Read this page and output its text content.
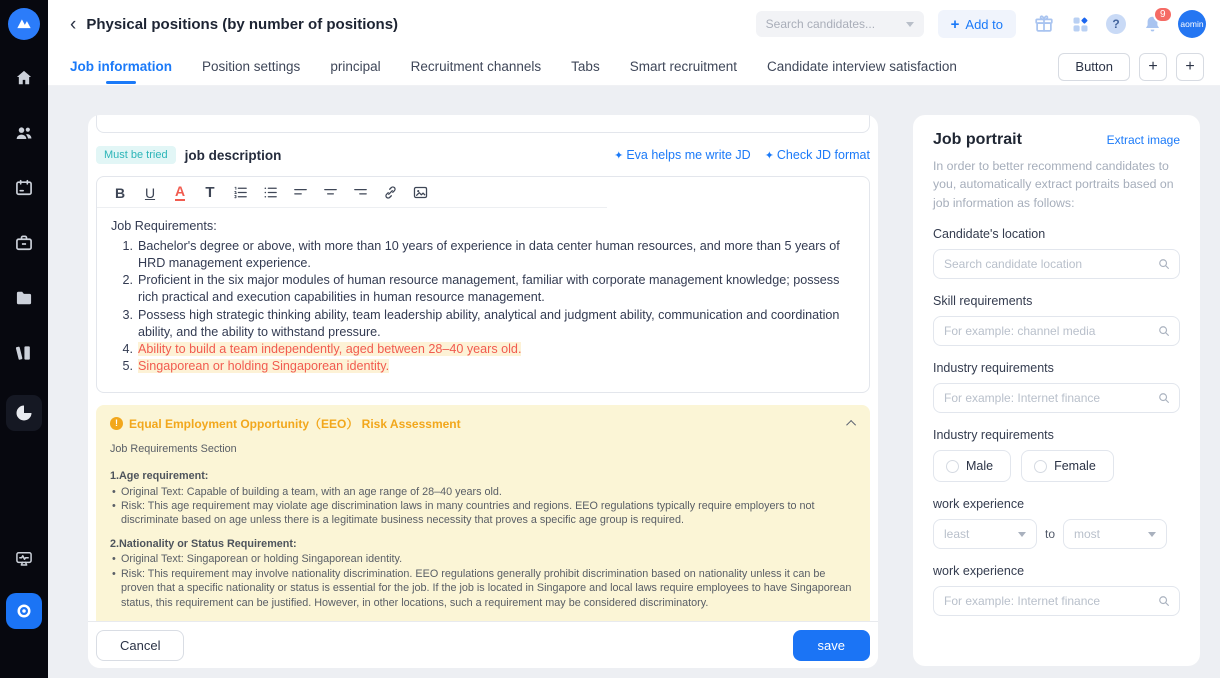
‹ Physical positions (by number of positions)
Search candidates...	+ Add to	?
9
aomin
Job information Position settings principal Recruitment channels Tabs Smart recruitment Candidate interview satisfaction	Button	+	+
Must be tried	job description	✦ Eva helps me write JD ✦ Check JD format
B	U	A	T
Job Requirements:
1. Bachelor's degree or above, with more than 10 years of experience in data center human resources, and more than 5 years of HRD management experience.
2. Proficient in the six major modules of human resource management, familiar with corporate management knowledge; possess rich practical and execution capabilities in human resource management.
3. Possess high strategic thinking ability, team leadership ability, analytical and judgment ability, communication and coordination ability, and the ability to withstand pressure.
4. Ability to build a team independently, aged between 28–40 years old.
5. Singaporean or holding Singaporean identity.
! Equal Employment Opportunity（EEO） Risk Assessment
Job Requirements Section
1.Age requirement:
• Original Text: Capable of building a team, with an age range of 28–40 years old.
• Risk: This age requirement may violate age discrimination laws in many countries and regions. EEO regulations typically require employers to not discriminate based on age unless there is a legitimate business necessity that proves a specific age group is required.
2.Nationality or Status Requirement:
• Original Text: Singaporean or holding Singaporean identity.
• Risk: This requirement may involve nationality discrimination. EEO regulations generally prohibit discrimination based on nationality unless it can be proven that a specific nationality or status is essential for the job. If the job is located in Singapore and local laws require employees to have Singaporean status, this requirement can be justified. However, in other locations, such a requirement may be considered discriminatory.
Cancel	save
Job portrait	Extract image
In order to better recommend candidates to you, automatically extract portraits based on job information as follows:
Candidate's location
Search candidate location
Skill requirements
For example: channel media
Industry requirements
For example: Internet finance
Industry requirements
Male	Female
work experience
least	to most
work experience
For example: Internet finance
